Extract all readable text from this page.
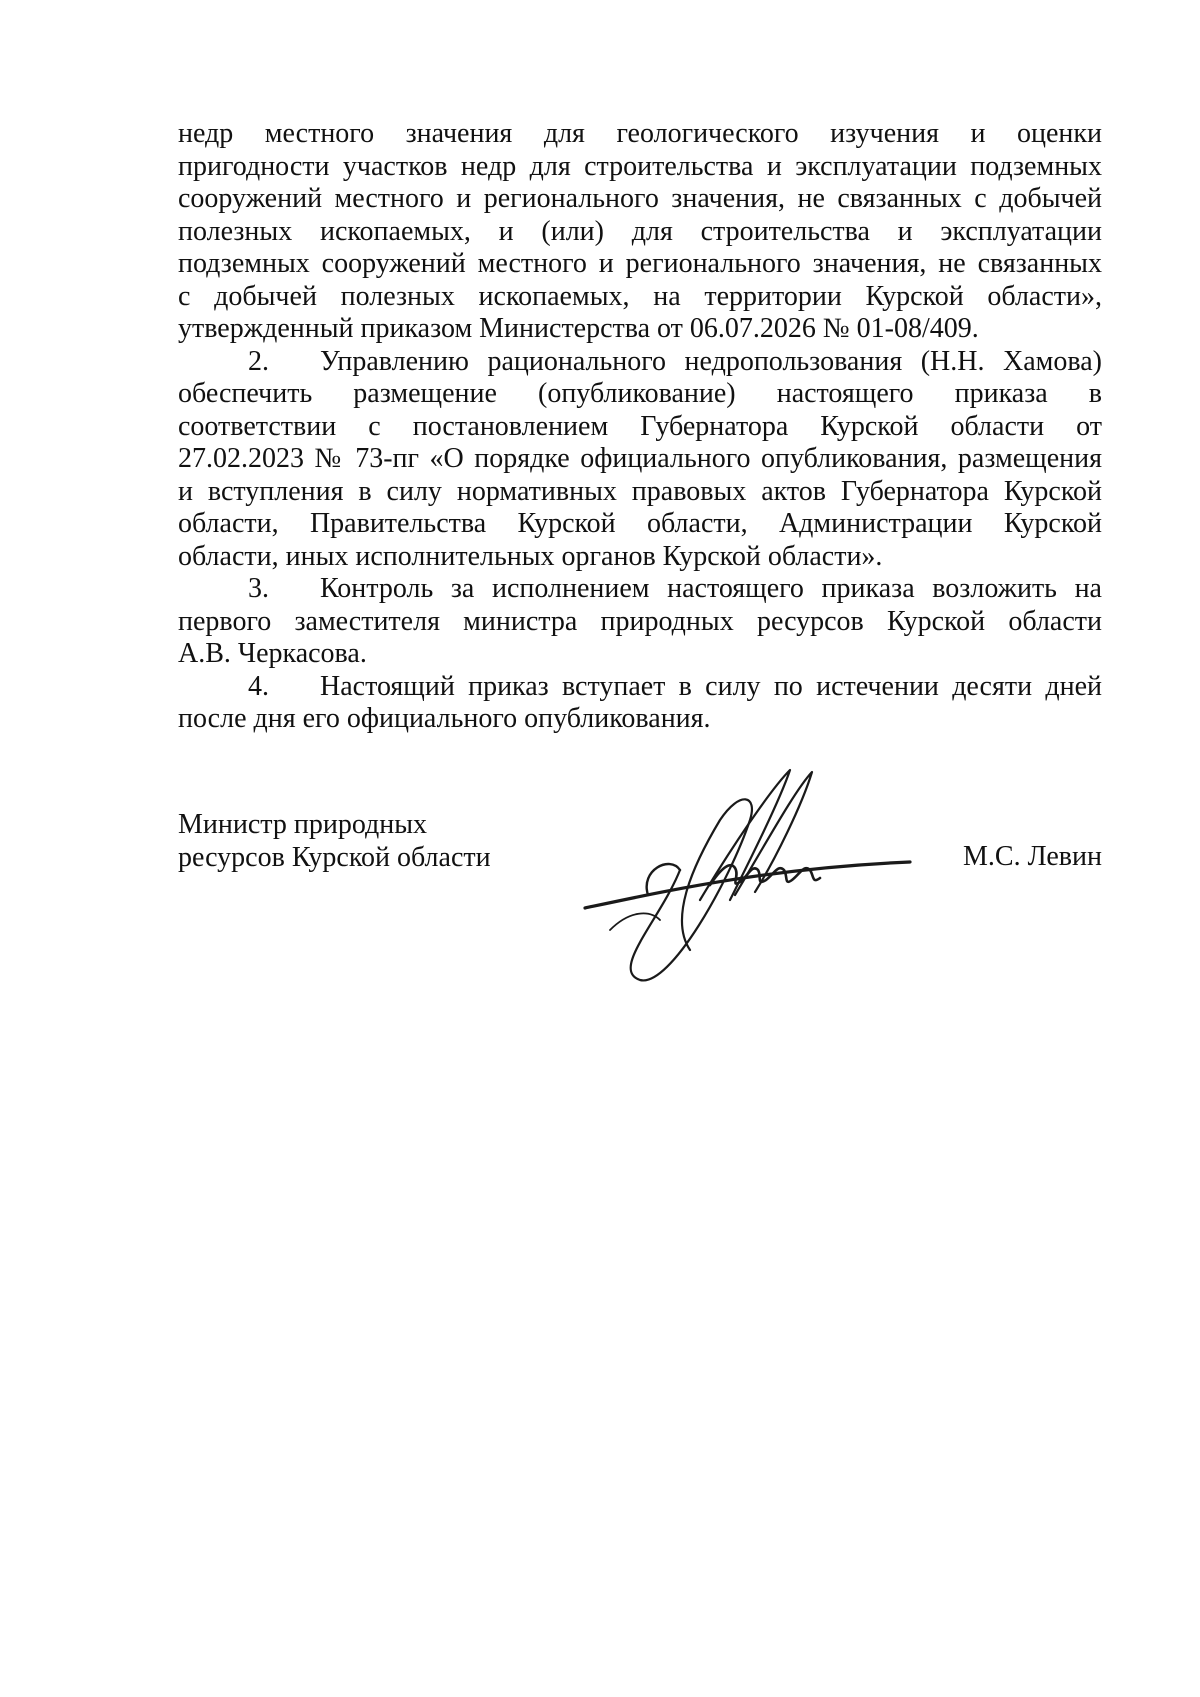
недр местного значения для геологического изучения и оценки
пригодности участков недр для строительства и эксплуатации подземных
сооружений местного и регионального значения, не связанных с добычей
полезных ископаемых, и (или) для строительства и эксплуатации
подземных сооружений местного и регионального значения, не связанных
с добычей полезных ископаемых, на территории Курской области»,
утвержденный приказом Министерства от 06.07.2026 № 01-08/409.
2. Управлению рационального недропользования (Н.Н. Хамова)
обеспечить размещение (опубликование) настоящего приказа в
соответствии с постановлением Губернатора Курской области от
27.02.2023 № 73-пг «О порядке официального опубликования, размещения
и вступления в силу нормативных правовых актов Губернатора Курской
области, Правительства Курской области, Администрации Курской
области, иных исполнительных органов Курской области».
3. Контроль за исполнением настоящего приказа возложить на
первого заместителя министра природных ресурсов Курской области
А.В. Черкасова.
4. Настоящий приказ вступает в силу по истечении десяти дней
после дня его официального опубликования.
Министр природных
ресурсов Курской области	М.С. Левин
